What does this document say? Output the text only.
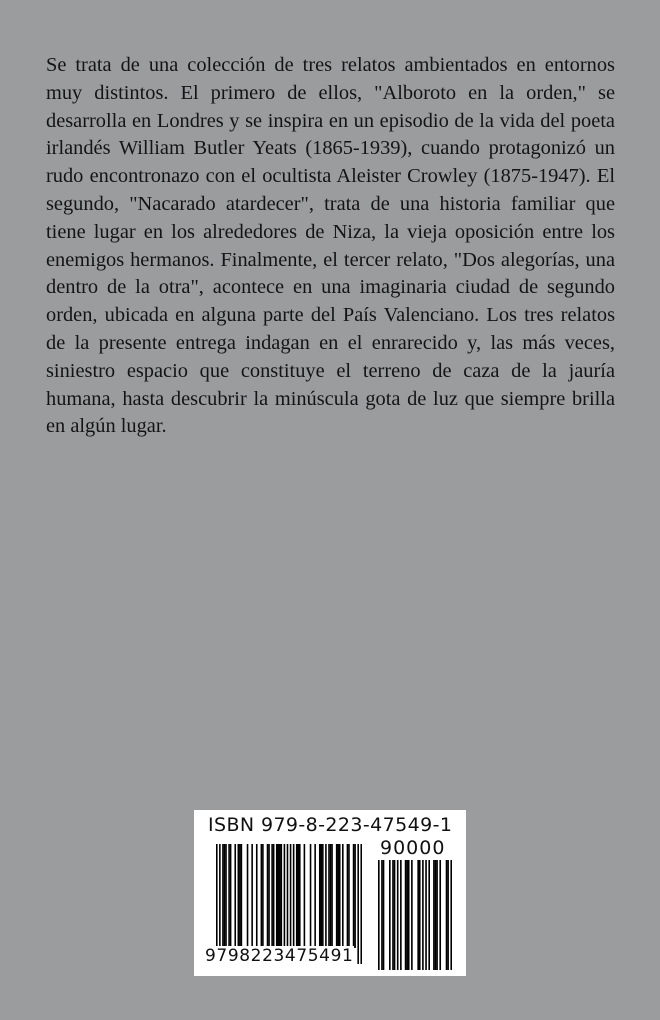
Se trata de una colección de tres relatos ambientados en entornos muy distintos. El primero de ellos, "Alboroto en la orden," se desarrolla en Londres y se inspira en un episodio de la vida del poeta irlandés William Butler Yeats (1865-1939), cuando protagonizó un rudo encontronazo con el ocultista Aleister Crowley (1875-1947). El segundo, "Nacarado atardecer", trata de una historia familiar que tiene lugar en los alrededores de Niza, la vieja oposición entre los enemigos hermanos. Finalmente, el tercer relato, "Dos alegorías, una dentro de la otra", acontece en una imaginaria ciudad de segundo orden, ubicada en alguna parte del País Valenciano. Los tres relatos de la presente entrega indagan en el enrarecido y, las más veces, siniestro espacio que constituye el terreno de caza de la jauría humana, hasta descubrir la minúscula gota de luz que siempre brilla en algún lugar.

ISBN 979-8-223-47549-1
90000
9798223475491
